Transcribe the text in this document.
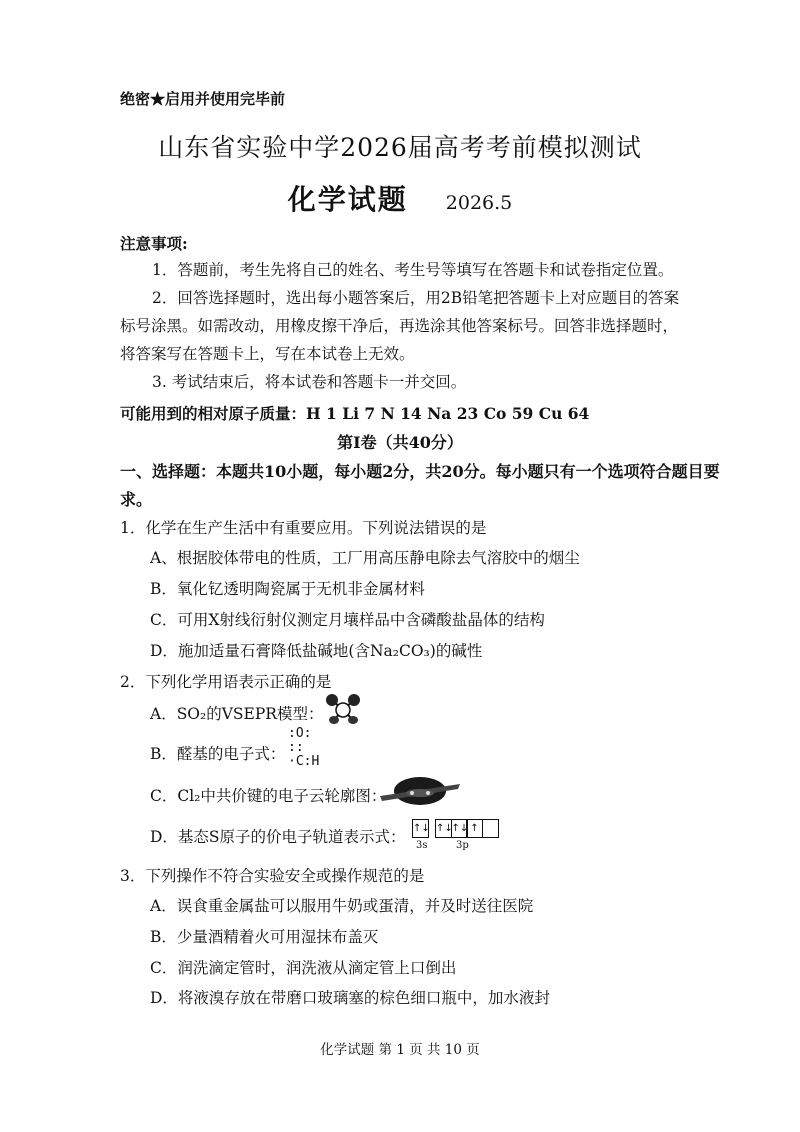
绝密★启用并使用完毕前
山东省实验中学2026届高考考前模拟测试
化学试题 2026.5
注意事项:
1．答题前，考生先将自己的姓名、考生号等填写在答题卡和试卷指定位置。
2．回答选择题时，选出每小题答案后，用2B铅笔把答题卡上对应题目的答案标号涂黑。如需改动，用橡皮擦干净后，再选涂其他答案标号。回答非选择题时，将答案写在答题卡上，写在本试卷上无效。
3. 考试结束后，将本试卷和答题卡一并交回。
可能用到的相对原子质量：H 1 Li 7 N 14 Na 23 Co 59 Cu 64
第Ⅰ卷（共40分）
一、选择题：本题共10小题，每小题2分，共20分。每小题只有一个选项符合题目要求。
1．化学在生产生活中有重要应用。下列说法错误的是
A、根据胶体带电的性质，工厂用高压静电除去气溶胶中的烟尘
B．氧化钇透明陶瓷属于无机非金属材料
C．可用X射线衍射仪测定月壤样品中含磷酸盐晶体的结构
D．施加适量石膏降低盐碱地(含Na₂CO₃)的碱性
2．下列化学用语表示正确的是
A．SO₂的VSEPR模型：
B．醛基的电子式：
:O:
::
·C:H
C．Cl₂中共价键的电子云轮廓图：
D．基态S原子的价电子轨道表示式： ↑↓ ↑↓
↑↓ ↑
3s	3p
3．下列操作不符合实验安全或操作规范的是
A．误食重金属盐可以服用牛奶或蛋清，并及时送往医院
B．少量酒精着火可用湿抹布盖灭
C．润洗滴定管时，润洗液从滴定管上口倒出
D．将液溴存放在带磨口玻璃塞的棕色细口瓶中，加水液封
化学试题 第 1 页 共 10 页
